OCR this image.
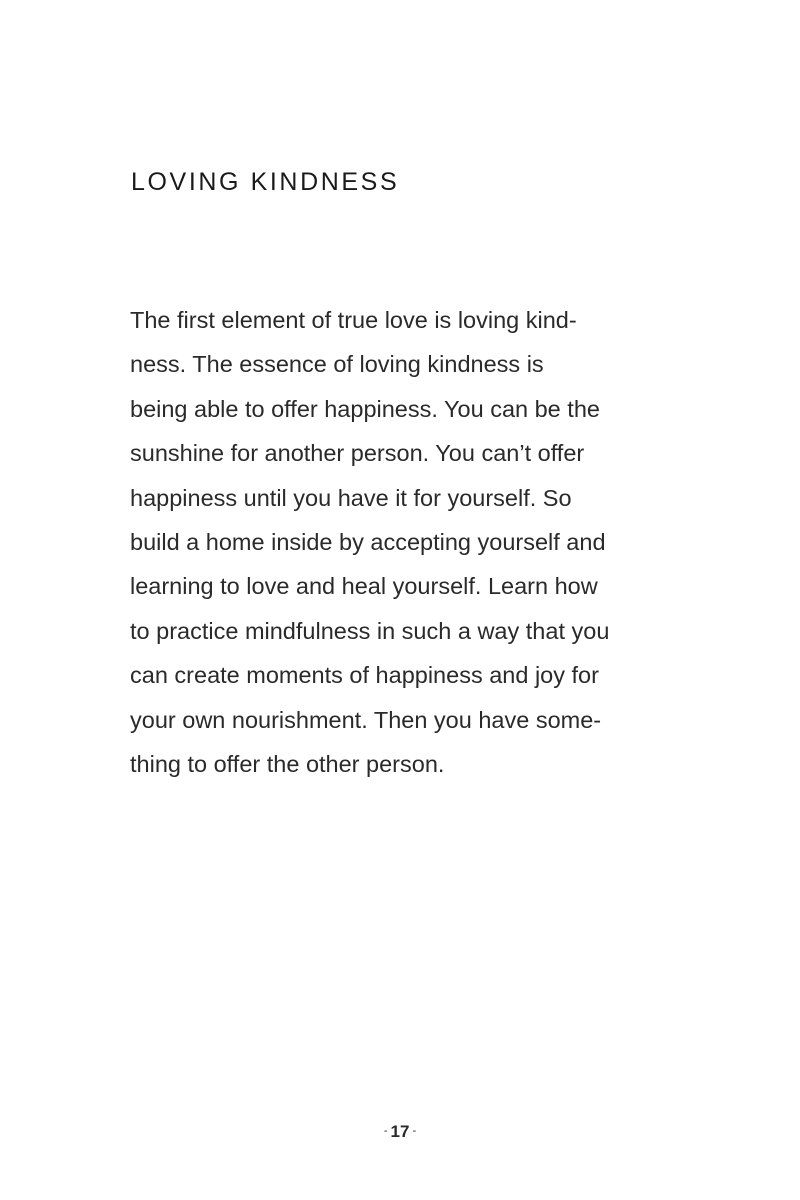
LOVING KINDNESS
The first element of true love is loving kind-
ness. The essence of loving kindness is
being able to offer happiness. You can be the
sunshine for another person. You can’t offer
happiness until you have it for yourself. So
build a home inside by accepting yourself and
learning to love and heal yourself. Learn how
to practice mindfulness in such a way that you
can create moments of happiness and joy for
your own nourishment. Then you have some-
thing to offer the other person.
- 17 -
